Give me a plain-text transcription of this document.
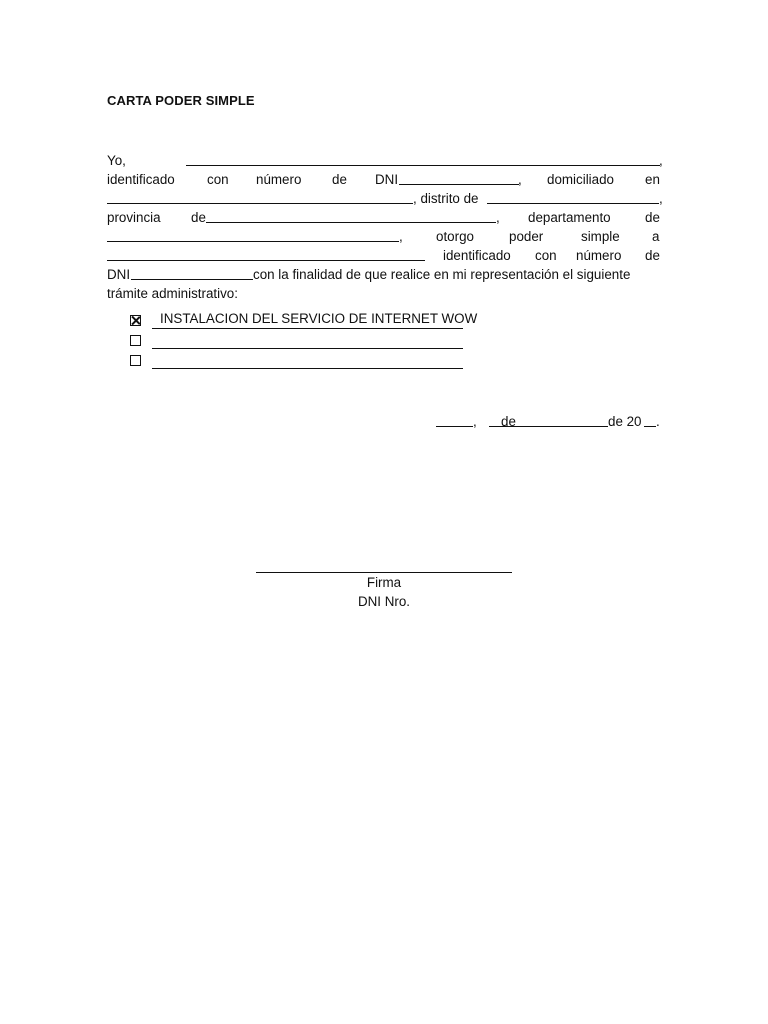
CARTA PODER SIMPLE
Yo,	,
identificado con número de DNI	, domiciliado en
, distrito de	,
provincia de	, departamento	de
, otorgo	poder	simple a
identificado con número de
DNI	con la finalidad de que realice en mi representación el siguiente
trámite administrativo:
INSTALACION DEL SERVICIO DE INTERNET WOW
, de	de 20 .
Firma
DNI Nro.
